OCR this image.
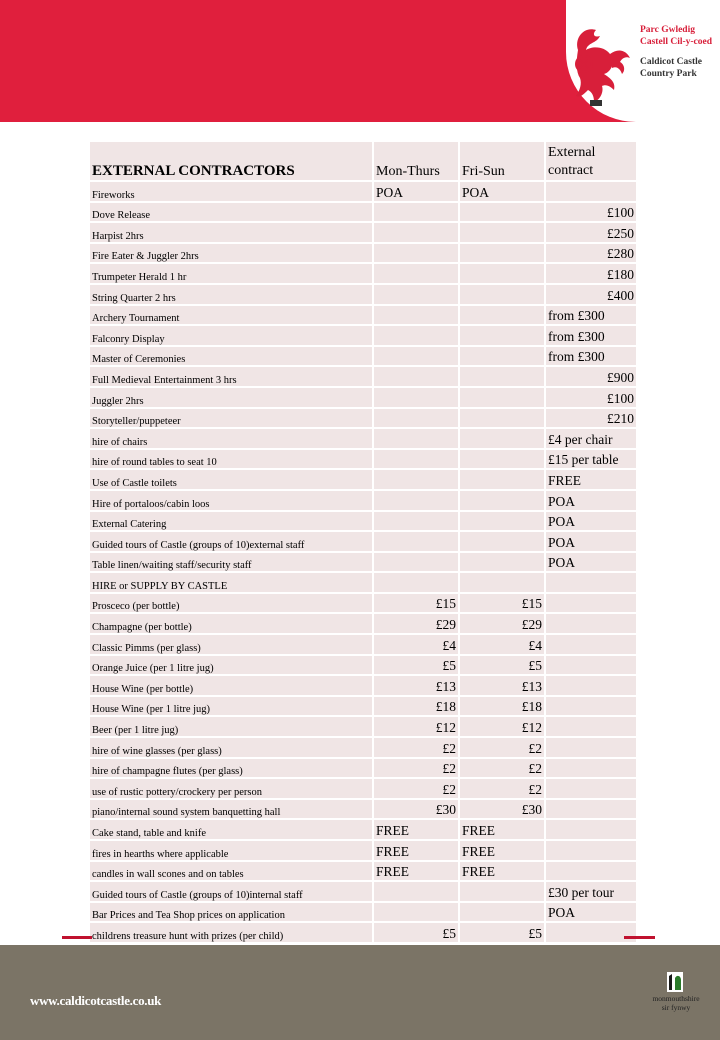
Parc Gwledig
Castell Cil-y-coed
Caldicot Castle
Country Park
EXTERNAL CONTRACTORS	Mon-Thurs	Fri-Sun	External contract
Fireworks	POA	POA	
Dove Release			£100
Harpist 2hrs			£250
Fire Eater & Juggler 2hrs			£280
Trumpeter Herald 1 hr			£180
String Quarter 2 hrs			£400
Archery Tournament			from £300
Falconry Display			from £300
Master of Ceremonies			from £300
Full Medieval Entertainment 3 hrs			£900
Juggler 2hrs			£100
Storyteller/puppeteer			£210
hire of chairs			£4 per chair
hire of round tables to seat 10			£15 per table
Use of Castle toilets			FREE
Hire of portaloos/cabin loos			POA
External Catering			POA
Guided tours of Castle (groups of 10)external staff			POA
Table linen/waiting staff/security staff			POA
HIRE or SUPPLY BY CASTLE			
Prosceco (per bottle)	£15	£15	
Champagne (per bottle)	£29	£29	
Classic Pimms (per glass)	£4	£4	
Orange Juice (per 1 litre jug)	£5	£5	
House Wine (per bottle)	£13	£13	
House Wine (per 1 litre jug)	£18	£18	
Beer (per 1 litre jug)	£12	£12	
hire of wine glasses (per glass)	£2	£2	
hire of champagne flutes (per glass)	£2	£2	
use of rustic pottery/crockery per person	£2	£2	
piano/internal sound system banquetting hall	£30	£30	
Cake stand, table and knife	FREE	FREE	
fires in hearths where applicable	FREE	FREE	
candles in wall scones and on tables	FREE	FREE	
Guided tours of Castle (groups of 10)internal staff			£30 per tour
Bar Prices and Tea Shop prices on application			POA
childrens treasure hunt with prizes (per child)	£5	£5	
www.caldicotcastle.co.uk	monmouthshire
sir fynwy
